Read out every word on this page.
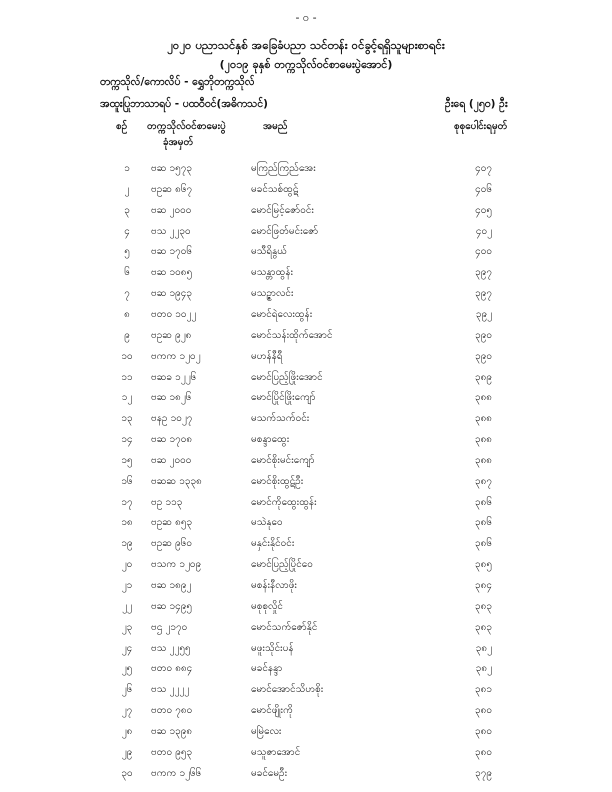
- ၀ -
၂၀၂၀ ပညာသင်နှစ် အခြေခံပညာ သင်တန်း ဝင်ခွင့်ရရှိသူများစာရင်း
(၂၀၁၉ ခုနှစ် တက္ကသိုလ်ဝင်စာမေးပွဲအောင်)
တက္ကသိုလ်/ကောလိပ် - ရွှေဘိုတက္ကသိုလ်
အထူးပြုဘာသာရပ် - ပထဝီဝင်(အဓိကသင်)	ဦးရေ (၂၅၀) ဦး
စဉ် တက္ကသိုလ်ဝင်စာမေးပွဲ
ခုံအမှတ်
အမည်	စုစုပေါင်းရမှတ်
၁	ဗဆ ၁၅၇၃	မကြည်ကြည်အေး	၄၀၇
၂	ဗဥဆ ၈၆၇	မခင်သစ်ထွဋ်	၄၀၆
၃	ဗဆ ၂၀၀၀	မောင်မြင့်ဇော်ဝင်း	၄၀၅
၄	ဗသ ၂၂၃၀	မောင်ဖြတ်မင်းဇော်	၄၀၂
၅	ဗဆ ၁၇၀၆	မသီရိနွယ်	၄၀၀
၆	ဗဆ ၁၀၈၅	မသန္တာထွန်း	၃၉၇
၇	ဗဆ ၁၉၄၃	မသဉ္ဇာလင်း	၃၉၇
၈	ဗတဝ ၁၀၂၂	မောင်ရဲလေးထွန်း	၃၉၂
၉	ဗဥဆ ၉၂၈	မောင်သန်းထိုက်အောင်	၃၉၀
၁၀	ဗကက ၁၂၀၂	မဟန်နီရီ	၃၉၀
၁၁	ဗဆခ ၁၂၂၆	မောင်ပြည့်ဖြိုးအောင်	၃၈၉
၁၂	ဗဆ ၁၈၂၆	မောင်ပြိုင်ဖြိုးကျော်	၃၈၈
၁၃	ဗနဥ ၁၀၂၇	မသက်သက်ဝင်း	၃၈၈
၁၄	ဗဆ ၁၇၀၈	မစန္ဒာထွေး	၃၈၈
၁၅	ဗဆ ၂၀၀၀	မောင်စိုးမင်းကျော်	၃၈၈
၁၆	ဗဆဆ ၁၃၃၈	မောင်စိုးထွဋ်ဦး	၃၈၇
၁၇	ဗဥ ၁၁၃	မောင်ကိုထွေးထွန်း	၃၈၆
၁၈	ဗဥဆ ၈၅၃	မသဲနုဝေ	၃၈၆
၁၉	ဗဥဆ ၉၆၀	မနှင်းနိုင်ဝင်း	၃၈၆
၂၀	ဗသက ၁၂၀၉	မောင်ပြည့်ပြိုင်ဝေ	၃၈၅
၂၁	ဗဆ ၁၈၉၂	မစန်းနီလာဖိုး	၃၈၄
၂၂	ဗဆ ၁၄၉၅	မစုစုလှိုင်	၃၈၃
၂၃	ဗဌ ၂၁၇၀	မောင်သက်ဇော်နိုင်	၃၈၃
၂၄	ဗသ ၂၂၅၅	မဖူးသိုင်းပန်	၃၈၂
၂၅	ဗတဝ ၈၈၄	မခင်နန္ဒာ	၃၈၂
၂၆	ဗသ ၂၂၂၂	မောင်အောင်သိဟစိုး	၃၈၁
၂၇	ဗတဝ ၇၈၀	မောင်ဖျိုးကို	၃၈၀
၂၈	ဗဆ ၁၃၉၈	မမြဲလေး	၃၈၀
၂၉	ဗတဝ ၉၅၃	မသူဇာအောင်	၃၈၀
၃၀	ဗကက ၁၂၆၆	မခင်မေဦး	၃၇၉
